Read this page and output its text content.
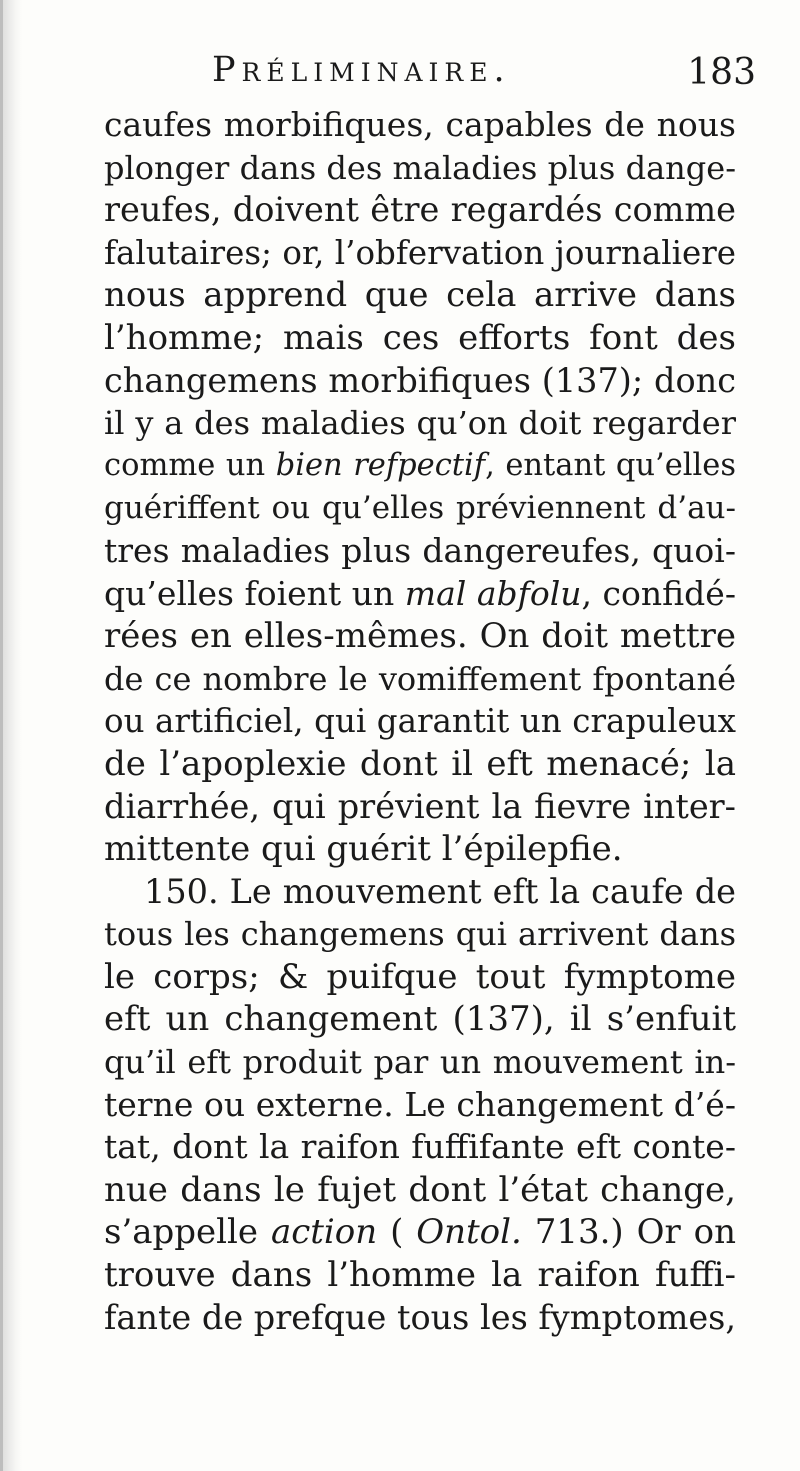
Préliminaire.	183
caufes morbifiques, capables de nous
plonger dans des maladies plus dange-
reufes, doivent être regardés comme
falutaires; or, l’obfervation journaliere
nous apprend que cela arrive dans
l’homme; mais ces efforts font des
changemens morbifiques (137); donc
il y a des maladies qu’on doit regarder
comme un bien refpectif, entant qu’elles
guériffent ou qu’elles préviennent d’au-
tres maladies plus dangereufes, quoi-
qu’elles foient un mal abfolu, confidé-
rées en elles-mêmes. On doit mettre
de ce nombre le vomiffement fpontané
ou artificiel, qui garantit un crapuleux
de l’apoplexie dont il eft menacé; la
diarrhée, qui prévient la fievre inter-
mittente qui guérit l’épilepfie.
150. Le mouvement eft la caufe de
tous les changemens qui arrivent dans
le corps; & puifque tout fymptome
eft un changement (137), il s’enfuit
qu’il eft produit par un mouvement in-
terne ou externe. Le changement d’é-
tat, dont la raifon fuffifante eft conte-
nue dans le fujet dont l’état change,
s’appelle action ( Ontol. 713.) Or on
trouve dans l’homme la raifon fuffi-
fante de prefque tous les fymptomes,
